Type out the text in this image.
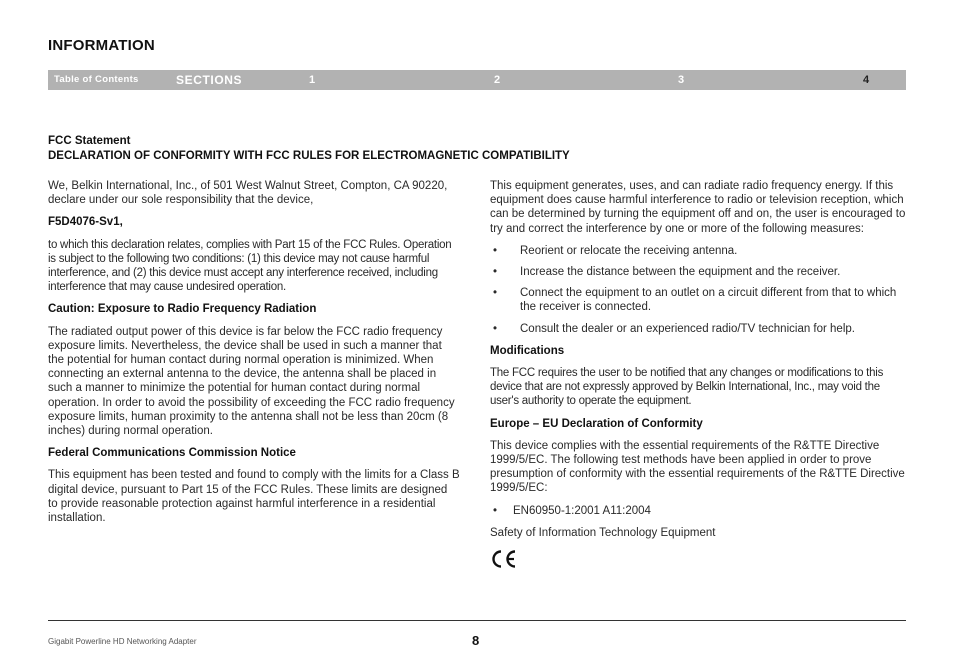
INFORMATION
Table of Contents	SECTIONS	1	2	3	4
FCC Statement
DECLARATION OF CONFORMITY WITH FCC RULES FOR ELECTROMAGNETIC COMPATIBILITY

We, Belkin International, Inc., of 501 West Walnut Street, Compton, CA 90220, declare under our sole responsibility that the device,

F5D4076-Sv1,

to which this declaration relates, complies with Part 15 of the FCC Rules. Operation is subject to the following two conditions: (1) this device may not cause harmful interference, and (2) this device must accept any interference received, including interference that may cause undesired operation.

Caution: Exposure to Radio Frequency Radiation

The radiated output power of this device is far below the FCC radio frequency exposure limits. Nevertheless, the device shall be used in such a manner that the potential for human contact during normal operation is minimized. When connecting an external antenna to the device, the antenna shall be placed in such a manner to minimize the potential for human contact during normal operation. In order to avoid the possibility of exceeding the FCC radio frequency exposure limits, human proximity to the antenna shall not be less than 20cm (8 inches) during normal operation.

Federal Communications Commission Notice

This equipment has been tested and found to comply with the limits for a Class B digital device, pursuant to Part 15 of the FCC Rules. These limits are designed to provide reasonable protection against harmful interference in a residential installation.

This equipment generates, uses, and can radiate radio frequency energy. If this equipment does cause harmful interference to radio or television reception, which can be determined by turning the equipment off and on, the user is encouraged to try and correct the interference by one or more of the following measures:

• Reorient or relocate the receiving antenna.
• Increase the distance between the equipment and the receiver.
• Connect the equipment to an outlet on a circuit different from that to which the receiver is connected.
• Consult the dealer or an experienced radio/TV technician for help.
Modifications

The FCC requires the user to be notified that any changes or modifications to this device that are not expressly approved by Belkin International, Inc., may void the user's authority to operate the equipment.

Europe – EU Declaration of Conformity

This device complies with the essential requirements of the R&TTE Directive 1999/5/EC. The following test methods have been applied in order to prove presumption of conformity with the essential requirements of the R&TTE Directive 1999/5/EC:

• EN60950-1:2001 A11:2004

Safety of Information Technology Equipment

Gigabit Powerline HD Networking Adapter	8
